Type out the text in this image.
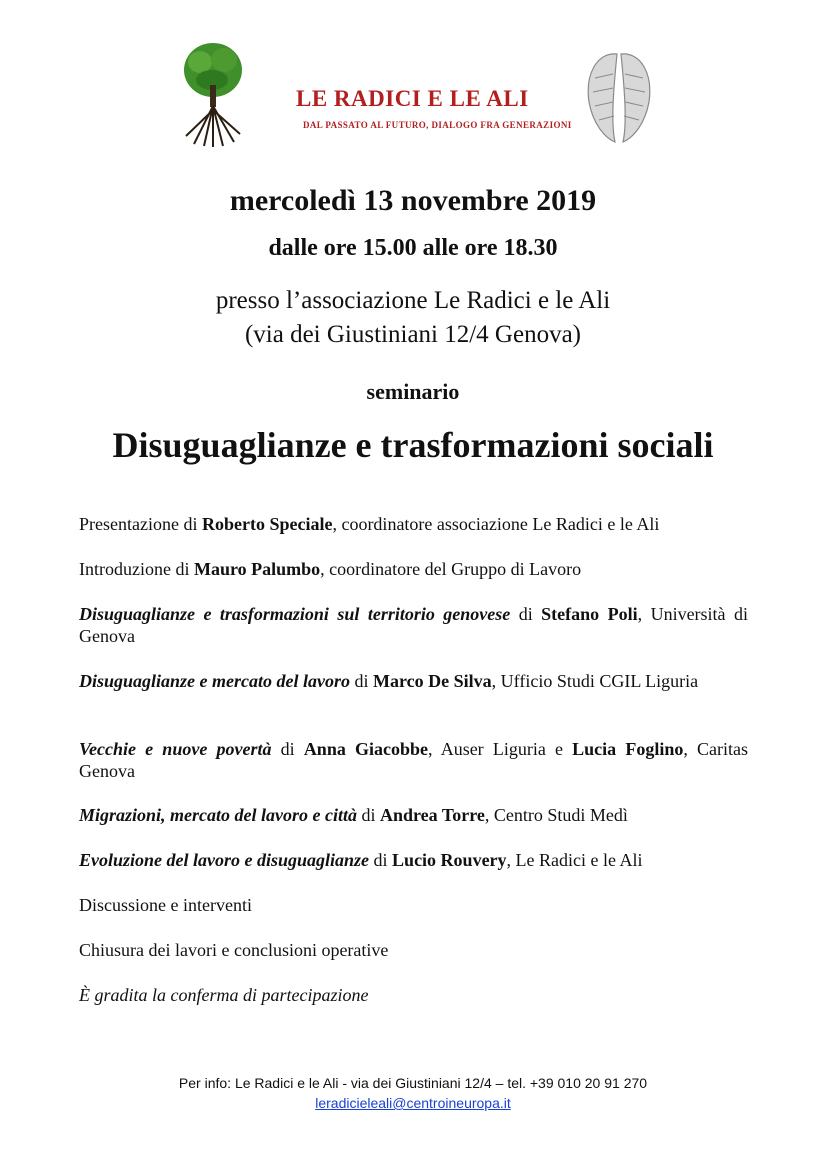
LE RADICI E LE ALI
DAL PASSATO AL FUTURO, DIALOGO FRA GENERAZIONI
mercoledì 13 novembre 2019
dalle ore 15.00 alle ore 18.30
presso l’associazione Le Radici e le Ali
(via dei Giustiniani 12/4 Genova)
seminario
Disuguaglianze e trasformazioni sociali

Presentazione di Roberto Speciale, coordinatore associazione Le Radici e le Ali

Introduzione di Mauro Palumbo, coordinatore del Gruppo di Lavoro

Disuguaglianze e trasformazioni sul territorio genovese di Stefano Poli, Università di Genova

Disuguaglianze e mercato del lavoro di Marco De Silva, Ufficio Studi CGIL Liguria

Vecchie e nuove povertà di Anna Giacobbe, Auser Liguria e Lucia Foglino, Caritas Genova

Migrazioni, mercato del lavoro e città di Andrea Torre, Centro Studi Medì

Evoluzione del lavoro e disuguaglianze di Lucio Rouvery, Le Radici e le Ali

Discussione e interventi

Chiusura dei lavori e conclusioni operative

È gradita la conferma di partecipazione

Per info: Le Radici e le Ali - via dei Giustiniani 12/4 – tel. +39 010 20 91 270
leradicieleali@centroineuropa.it
